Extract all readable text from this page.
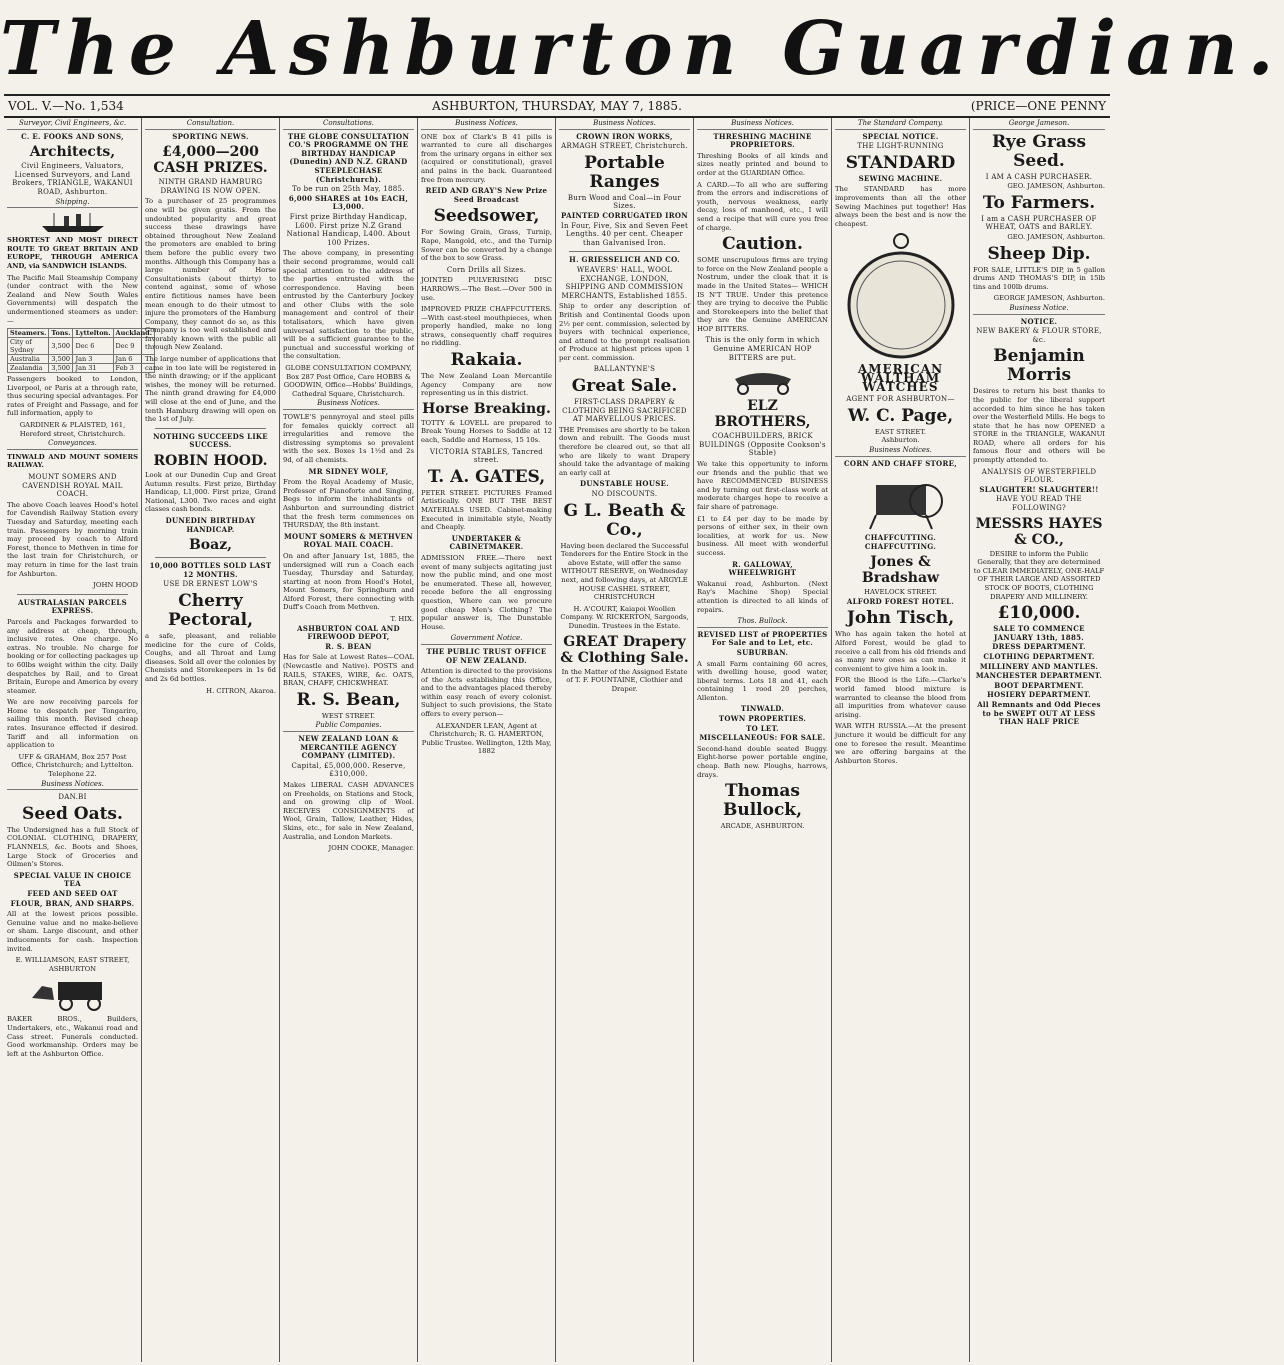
The Ashburton Guardian.
VOL. V.—No. 1,534	ASHBURTON, THURSDAY, MAY 7, 1885.	(PRICE—ONE PENNY
Surveyor, Civil Engineers, &c.
C. E. FOOKS AND SONS,
Architects,
Civil Engineers, Valuators, Licensed Surveyors, and Land Brokers, TRIANGLE, WAKANUI ROAD, Ashburton.
Shipping.
SHORTEST AND MOST DIRECT ROUTE TO GREAT BRITAIN AND EUROPE, THROUGH AMERICA AND, via SANDWICH ISLANDS.
The Pacific Mail Steamship Company (under contract with the New Zealand and New South Wales Governments) will despatch the undermentioned steamers as under:—
Steamers.	Tons.	Lyttelton.	Auckland.
City of Sydney	3,500	Dec 6	Dec 9
Australia	3,500	Jan 3	Jan 6
Zealandia	3,500	Jan 31	Feb 3
Passengers booked to London, Liverpool, or Paris at a through rate, thus securing special advantages. For rates of Freight and Passage, and for full information, apply to
GARDINER & PLAISTED, 161, Hereford street, Christchurch.
Conveyances.
TINWALD AND MOUNT SOMERS RAILWAY.
MOUNT SOMERS AND CAVENDISH ROYAL MAIL COACH.
The above Coach leaves Hood's hotel for Cavendish Railway Station every Tuesday and Saturday, meeting each train. Passengers by morning train may proceed by coach to Alford Forest, thence to Methven in time for the last train for Christchurch, or may return in time for the last train for Ashburton.
JOHN HOOD
AUSTRALASIAN PARCELS EXPRESS.
Parcels and Packages forwarded to any address at cheap, through, inclusive rates. One charge. No extras. No trouble. No charge for booking or for collecting packages up to 60lbs weight within the city. Daily despatches by Rail, and to Great Britain, Europe and America by every steamer.
We are now receiving parcels for Home to despatch per Tongariro, sailing this month. Revised cheap rates. Insurance effected if desired. Tariff and all information on application to
UFF & GRAHAM, Box 257 Post Office, Christchurch; and Lyttelton. Telephone 22.
Business Notices.
DAN.BI
Seed Oats.
The Undersigned has a full Stock of COLONIAL CLOTHING, DRAPERY, FLANNELS, &c. Boots and Shoes, Large Stock of Groceries and Oilmen's Stores.
SPECIAL VALUE IN CHOICE TEA
FEED AND SEED OAT
FLOUR, BRAN, AND SHARPS.
All at the lowest prices possible. Genuine value and no make-believe or sham. Large discount, and other inducements for cash. Inspection invited.
E. WILLIAMSON, EAST STREET, ASHBURTON
BAKER BROS., Builders, Undertakers, etc., Wakanui road and Cass street. Funerals conducted. Good workmanship. Orders may be left at the Ashburton Office.
Consultation.
SPORTING NEWS.
£4,000—200 CASH PRIZES.
NINTH GRAND HAMBURG DRAWING IS NOW OPEN.
To a purchaser of 25 programmes one will be given gratis. From the undoubted popularity and great success these drawings have obtained throughout New Zealand the promoters are enabled to bring them before the public every two months. Although this Company has a large number of Horse Consultationists (about thirty) to contend against, some of whose entire fictitious names have been mean enough to do their utmost to injure the promoters of the Hamburg Company, they cannot do so, as this Company is too well established and favorably known with the public all through New Zealand.
The large number of applications that came in too late will be registered in the ninth drawing; or if the applicant wishes, the money will be returned. The ninth grand drawing for £4,000 will close at the end of June, and the tenth Hamburg drawing will open on the 1st of July.
NOTHING SUCCEEDS LIKE SUCCESS.
ROBIN HOOD.
Look at our Dunedin Cup and Great Autumn results. First prize, Birthday Handicap, L1,000. First prize, Grand National, L300. Two races and eight classes cash bonds.
DUNEDIN BIRTHDAY HANDICAP.
Boaz,
10,000 BOTTLES SOLD LAST 12 MONTHS.
USE DR ERNEST LOW'S
Cherry Pectoral,
a safe, pleasant, and reliable medicine for the cure of Colds, Coughs, and all Throat and Lung diseases. Sold all over the colonies by Chemists and Storekeepers in 1s 6d and 2s 6d bottles.
H. CITRON, Akaroa.
Consultations.
THE GLOBE CONSULTATION CO.'S PROGRAMME ON THE BIRTHDAY HANDICAP (Dunedin) AND N.Z. GRAND STEEPLECHASE (Christchurch).
To be run on 25th May, 1885.
6,000 SHARES at 10s EACH, L3,000.
First prize Birthday Handicap, L600. First prize N.Z Grand National Handicap, L400. About 100 Prizes.
The above company, in presenting their second programme, would call special attention to the address of the parties entrusted with the correspondence. Having been entrusted by the Canterbury Jockey and other Clubs with the sole management and control of their totalisators, which have given universal satisfaction to the public, will be a sufficient guarantee to the punctual and successful working of the consultation.
GLOBE CONSULTATION COMPANY, Box 287 Post Office, Care HOBBS & GOODWIN, Office—Hobbs' Buildings, Cathedral Square, Christchurch.
Business Notices.
TOWLE'S pennyroyal and steel pills for females quickly correct all irregularities and remove the distressing symptoms so prevalent with the sex. Boxes 1s 1½d and 2s 9d, of all chemists.
MR SIDNEY WOLF,
From the Royal Academy of Music, Professor of Pianoforte and Singing, Begs to inform the inhabitants of Ashburton and surrounding district that the fresh term commences on THURSDAY, the 8th instant.
MOUNT SOMERS & METHVEN ROYAL MAIL COACH.
On and after January 1st, 1885, the undersigned will run a Coach each Tuesday, Thursday and Saturday, starting at noon from Hood's Hotel, Mount Somers, for Springburn and Alford Forest, there connecting with Duff's Coach from Methven.
T. HIX.
ASHBURTON COAL AND FIREWOOD DEPOT,
R. S. BEAN
Has for Sale at Lowest Rates—COAL (Newcastle and Native). POSTS and RAILS, STAKES, WIRE, &c. OATS, BRAN, CHAFF, CHICKWHEAT.
R. S. Bean,
WEST STREET.
Public Companies.
NEW ZEALAND LOAN & MERCANTILE AGENCY COMPANY (LIMITED).
Capital, £5,000,000. Reserve, £310,000.
Makes LIBERAL CASH ADVANCES on Freeholds, on Stations and Stock, and on growing clip of Wool. RECEIVES CONSIGNMENTS of Wool, Grain, Tallow, Leather, Hides, Skins, etc., for sale in New Zealand, Australia, and London Markets.
JOHN COOKE, Manager.
Business Notices.
ONE box of Clark's B 41 pills is warranted to cure all discharges from the urinary organs in either sex (acquired or constitutional), gravel and pains in the back. Guaranteed free from mercury.
REID AND GRAY'S New Prize Seed Broadcast
Seedsower,
For Sowing Grain, Grass, Turnip, Rape, Mangold, etc., and the Turnip Sower can be converted by a change of the box to sow Grass.
Corn Drills all Sizes.
JOINTED PULVERISING DISC HARROWS.—The Best.—Over 500 in use.
IMPROVED PRIZE CHAFFCUTTERS.—With cast-steel mouthpieces, when properly handled, make no long straws, consequently chaff requires no riddling.
Rakaia.
The New Zealand Loan Mercantile Agency Company are now representing us in this district.
Horse Breaking.
TOTTY & LOVELL are prepared to Break Young Horses to Saddle at 12 each, Saddle and Harness, 15 10s.
VICTORIA STABLES, Tancred street.
T. A. GATES,
PETER STREET. PICTURES Framed Artistically. ONE BUT THE BEST MATERIALS USED. Cabinet-making Executed in inimitable style, Neatly and Cheaply.
UNDERTAKER & CABINETMAKER.
ADMISSION FREE.—There next event of many subjects agitating just now the public mind, and one most be enumerated. These all, however, recede before the all engrossing question, Where can we procure good cheap Men's Clothing? The popular answer is, The Dunstable House.
Government Notice.
THE PUBLIC TRUST OFFICE OF NEW ZEALAND.
Attention is directed to the provisions of the Acts establishing this Office, and to the advantages placed thereby within easy reach of every colonist. Subject to such provisions, the State offers to every person—
ALEXANDER LEAN, Agent at Christchurch; R. G. HAMERTON, Public Trustee. Wellington, 12th May, 1882
Business Notices.
CROWN IRON WORKS,
ARMAGH STREET, Christchurch.
Portable Ranges
Burn Wood and Coal—in Four Sizes.
PAINTED CORRUGATED IRON
In Four, Five, Six and Seven Feet Lengths. 40 per cent. Cheaper than Galvanised Iron.
H. GRIESSELICH AND CO.
WEAVERS' HALL, WOOL EXCHANGE, LONDON, SHIPPING AND COMMISSION MERCHANTS, Established 1855.
Ship to order any description of British and Continental Goods upon 2½ per cent. commission, selected by buyers with technical experience, and attend to the prompt realisation of Produce at highest prices upon 1 per cent. commission.
BALLANTYNE'S
Great Sale.
FIRST-CLASS DRAPERY & CLOTHING BEING SACRIFICED AT MARVELLOUS PRICES.
THE Premises are shortly to be taken down and rebuilt. The Goods must therefore be cleared out, so that all who are likely to want Drapery should take the advantage of making an early call at
DUNSTABLE HOUSE.
NO DISCOUNTS.
G L. Beath & Co.,
Having been declared the Successful Tenderers for the Entire Stock in the above Estate, will offer the same WITHOUT RESERVE, on Wednesday next, and following days, at ARGYLE HOUSE CASHEL STREET, CHRISTCHURCH
H. A'COURT, Kaiapoi Woollen Company. W. RICKERTON, Sargoods, Dunedin. Trustees in the Estate.
GREAT Drapery & Clothing Sale.
In the Matter of the Assigned Estate of T. F. FOUNTAINE, Clothier and Draper.
Business Notices.
THRESHING MACHINE PROPRIETORS.
Threshing Books of all kinds and sizes neatly printed and bound to order at the GUARDIAN Office.
A CARD.—To all who are suffering from the errors and indiscretions of youth, nervous weakness, early decay, loss of manhood, etc., I will send a recipe that will cure you free of charge.
Caution.
SOME unscrupulous firms are trying to force on the New Zealand people a Nostrum, under the cloak that it is made in the United States— WHICH IS N'T TRUE. Under this pretence they are trying to deceive the Public and Storekeepers into the belief that they are the Genuine AMERICAN HOP BITTERS.
This is the only form in which Genuine AMERICAN HOP BITTERS are put.
ELZ BROTHERS,
COACHBUILDERS, BRICK BUILDINGS (Opposite Cookson's Stable)
We take this opportunity to inform our friends and the public that we have RECOMMENCED BUSINESS and by turning out first-class work at moderate charges hope to receive a fair share of patronage.
£1 to £4 per day to be made by persons of either sex, in their own localities, at work for us. New business. All meet with wonderful success.
R. GALLOWAY, WHEELWRIGHT
Wakanui road, Ashburton. (Next Ray's Machine Shop) Special attention is directed to all kinds of repairs.
Thos. Bullock.
REVISED LIST of PROPERTIES For Sale and to Let, etc.
SUBURBAN.
A small Farm containing 60 acres, with dwelling house, good water, liberal terms. Lots 18 and 41, each containing 1 rood 20 perches, Allenton.
TINWALD.
TOWN PROPERTIES.
TO LET.
MISCELLANEOUS: FOR SALE.
Second-hand double seated Buggy. Eight-horse power portable engine, cheap. Bath new. Ploughs, harrows, drays.
Thomas Bullock,
ARCADE, ASHBURTON.
The Standard Company.
SPECIAL NOTICE.
THE LIGHT-RUNNING
STANDARD
SEWING MACHINE.
The STANDARD has more improvements than all the other Sewing Machines put together! Has always been the best and is now the cheapest.
AMERICAN WALTHAM WATCHES
AGENT FOR ASHBURTON—
W. C. Page,
EAST STREET.
Ashburton.
Business Notices.
CORN AND CHAFF STORE,
CHAFFCUTTING. CHAFFCUTTING.
Jones & Bradshaw
HAVELOCK STREET.
ALFORD FOREST HOTEL.
John Tisch,
Who has again taken the hotel at Alford Forest, would be glad to receive a call from his old friends and as many new ones as can make it convenient to give him a look in.
FOR the Blood is the Life.—Clarke's world famed blood mixture is warranted to cleanse the blood from all impurities from whatever cause arising.
WAR WITH RUSSIA.—At the present juncture it would be difficult for any one to foresee the result. Meantime we are offering bargains at the Ashburton Stores.
George Jameson.
Rye Grass Seed.
I AM A CASH PURCHASER.
GEO. JAMESON, Ashburton.
To Farmers.
I am a CASH PURCHASER OF WHEAT, OATS and BARLEY.
GEO. JAMESON, Ashburton.
Sheep Dip.
FOR SALE, LITTLE'S DIP, in 5 gallon drums AND THOMAS'S DIP, in 15lb tins and 100lb drums.
GEORGE JAMESON, Ashburton.
Business Notice.
NOTICE.
NEW BAKERY & FLOUR STORE, &c.
Benjamin Morris
Desires to return his best thanks to the public for the liberal support accorded to him since he has taken over the Westerfield Mills. He begs to state that he has now OPENED a STORE in the TRIANGLE, WAKANUI ROAD, where all orders for his famous flour and others will be promptly attended to.
ANALYSIS OF WESTERFIELD FLOUR.
SLAUGHTER! SLAUGHTER!!
HAVE YOU READ THE FOLLOWING?
MESSRS HAYES & CO.,
DESIRE to inform the Public Generally, that they are determined to CLEAR IMMEDIATELY, ONE-HALF OF THEIR LARGE AND ASSORTED STOCK OF BOOTS, CLOTHING DRAPERY AND MILLINERY.
£10,000.
SALE TO COMMENCE JANUARY 13th, 1885.
DRESS DEPARTMENT.
CLOTHING DEPARTMENT.
MILLINERY AND MANTLES.
MANCHESTER DEPARTMENT.
BOOT DEPARTMENT.
HOSIERY DEPARTMENT.
All Remnants and Odd Pieces to be SWEPT OUT AT LESS THAN HALF PRICE
